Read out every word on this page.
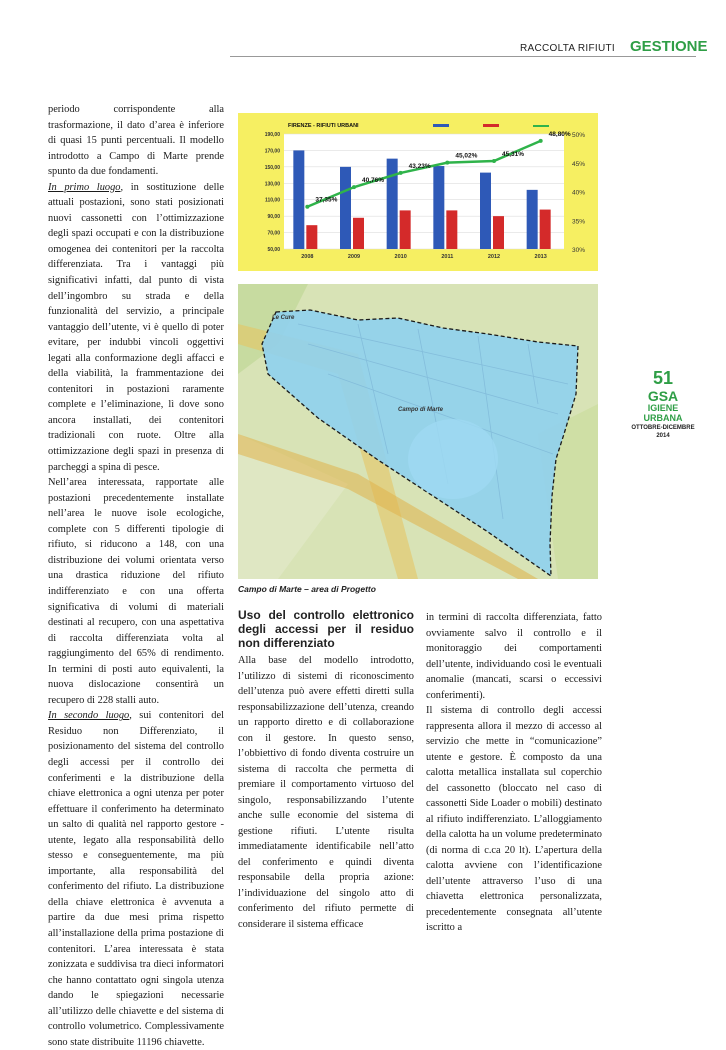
RACCOLTA RIFIUTI GESTIONE
51
GSA
IGIENE URBANA
OTTOBRE-DICEMBRE 2014

periodo corrispondente alla trasformazione, il dato d’area è inferiore di quasi 15 punti percentuali. Il modello introdotto a Campo di Marte prende spunto da due fondamenti.

In primo luogo, in sostituzione delle attuali postazioni, sono stati posizionati nuovi cassonetti con l’ottimizzazione degli spazi occupati e con la distribuzione omogenea dei contenitori per la raccolta differenziata. Tra i vantaggi più significativi infatti, dal punto di vista dell’ingombro su strada e della funzionalità del servizio, a principale vantaggio dell’utente, vi è quello di poter evitare, per indubbi vincoli oggettivi legati alla conformazione degli affacci e della viabilità, la frammentazione dei contenitori in postazioni raramente complete e l’eliminazione, lì dove sono ancora installati, dei contenitori tradizionali con ruote. Oltre alla ottimizzazione degli spazi in presenza di parcheggi a spina di pesce.

Nell’area interessata, rapportate alle postazioni precedentemente installate nell’area le nuove isole ecologiche, complete con 5 differenti tipologie di rifiuto, si riducono a 148, con una distribuzione dei volumi orientata verso una drastica riduzione del rifiuto indifferenziato e con una offerta significativa di volumi di materiali destinati al recupero, con una aspettativa di raccolta differenziata volta al raggiungimento del 65% di rendimento. In termini di posti auto equivalenti, la nuova dislocazione consentirà un recupero di 228 stalli auto.

In secondo luogo, sui contenitori del Residuo non Differenziato, il posizionamento del sistema del controllo degli accessi per il controllo dei conferimenti e la distribuzione della chiave elettronica a ogni utenza per poter effettuare il conferimento ha determinato un salto di qualità nel rapporto gestore - utente, legato alla responsabilità dello stesso e conseguentemente, ma più importante, alla responsabilità del conferimento del rifiuto. La distribuzione della chiave elettronica è avvenuta a partire da due mesi prima rispetto all’installazione della prima postazione di contenitori. L’area interessata è stata zonizzata e suddivisa tra dieci informatori che hanno contattato ogni singola utenza dando le spiegazioni necessarie all’utilizzo delle chiavette e del sistema di controllo volumetrico. Complessivamente sono state distribuite 11196 chiavette.

50,00
70,00
90,00
110,00
130,00
150,00
170,00
190,00
30%
35%
40%
45%
50%
FIRENZE - RIFIUTI URBANI
2008	2009	2010	2011	2012	2013
37,35%
40,76%
43,23%
45,02%	45,31%
48,80%
Le Cure
Campo di Marte
Campo di Marte – area di Progetto
Uso del controllo elettronico degli accessi per il residuo non differenziato

Alla base del modello introdotto, l’utilizzo di sistemi di riconoscimento dell’utenza può avere effetti diretti sulla responsabilizzazione dell’utenza, creando un rapporto diretto e di collaborazione con il gestore. In questo senso, l’obbiettivo di fondo diventa costruire un sistema di raccolta che permetta di premiare il comportamento virtuoso del singolo, responsabilizzando l’utente anche sulle economie del sistema di gestione rifiuti. L’utente risulta immediatamente identificabile nell’atto del conferimento e quindi diventa responsabile della propria azione: l’individuazione del singolo atto di conferimento del rifiuto permette di considerare il sistema efficace

in termini di raccolta differenziata, fatto ovviamente salvo il controllo e il monitoraggio dei comportamenti dell’utente, individuando così le eventuali anomalie (mancati, scarsi o eccessivi conferimenti).

Il sistema di controllo degli accessi rappresenta allora il mezzo di accesso al servizio che mette in “comunicazione” utente e gestore. È composto da una calotta metallica installata sul coperchio del cassonetto (bloccato nel caso di cassonetti Side Loader o mobili) destinato al rifiuto indifferenziato. L’alloggiamento della calotta ha un volume predeterminato (di norma di c.ca 20 lt). L’apertura della calotta avviene con l’identificazione dell’utente attraverso l’uso di una chiavetta elettronica personalizzata, precedentemente consegnata all’utente iscritto a
